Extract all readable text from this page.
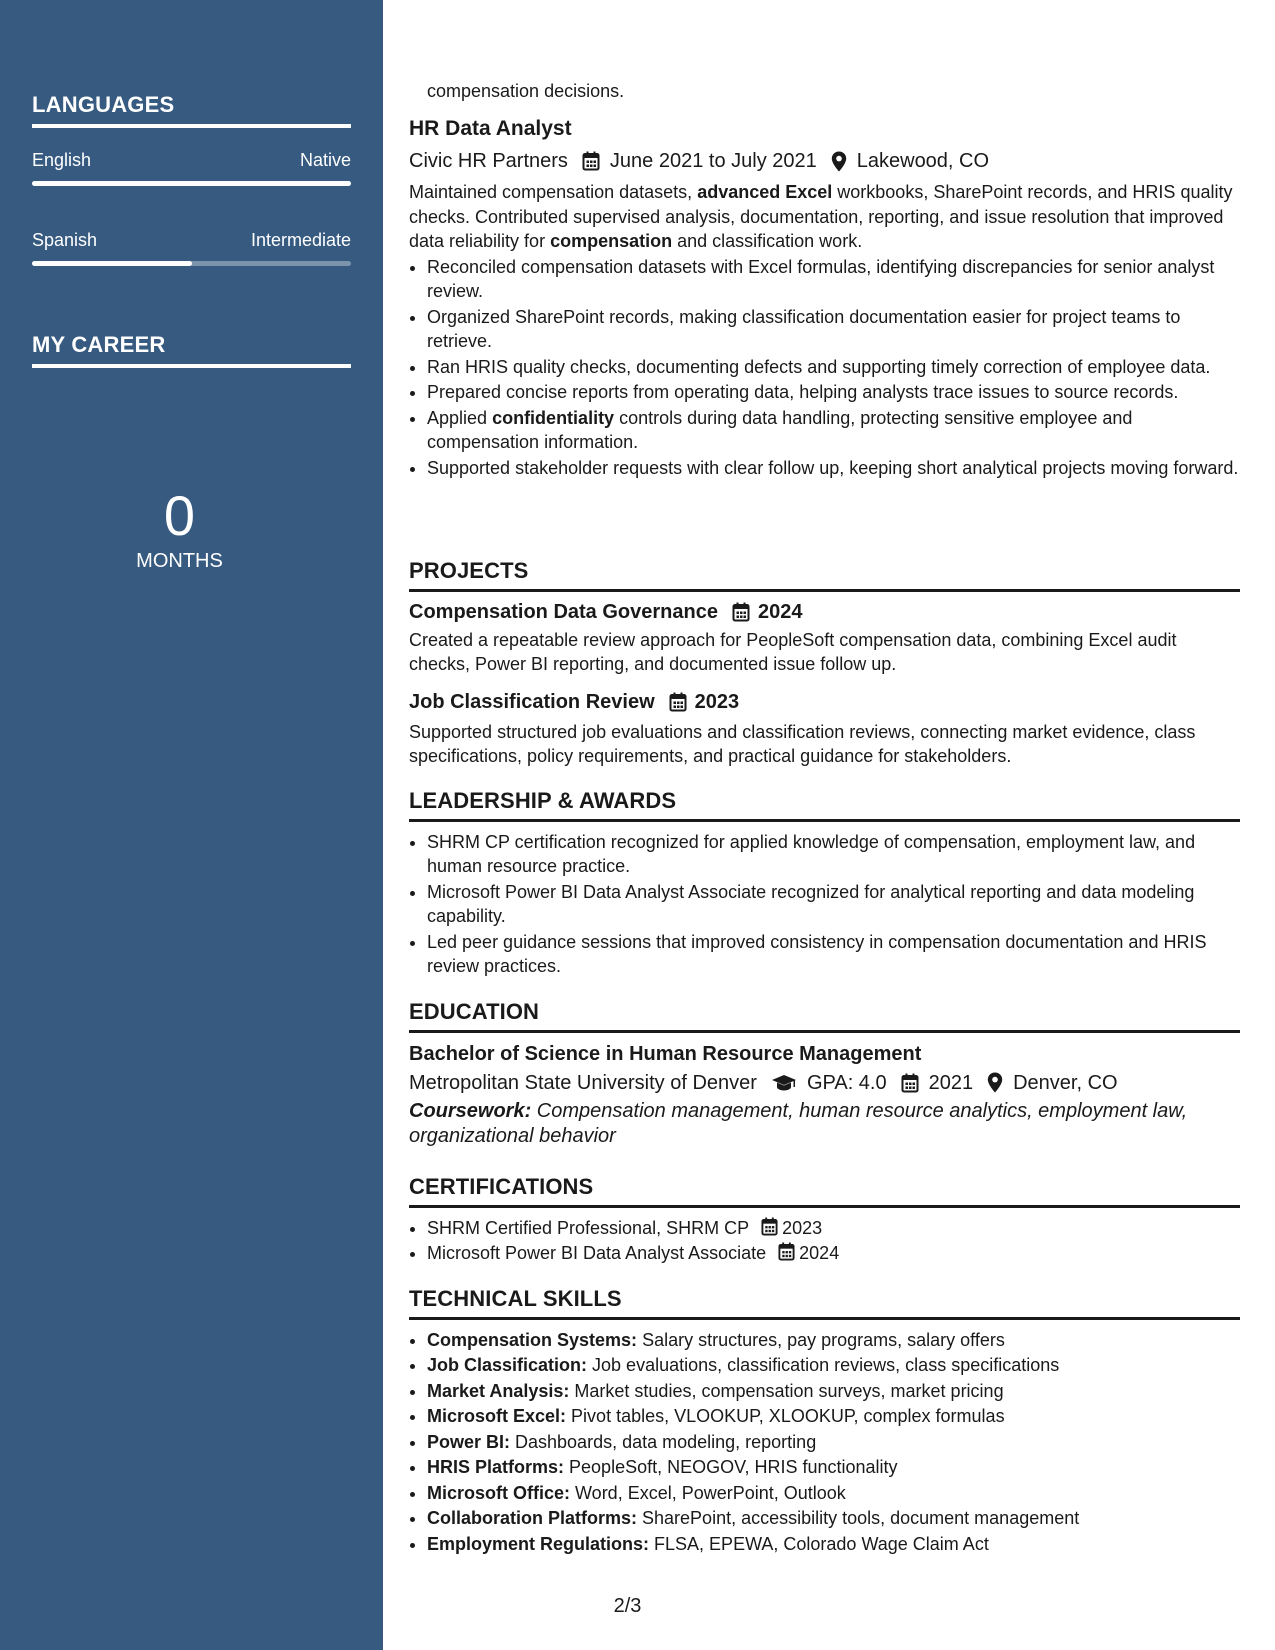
LANGUAGES
English	Native
Spanish	Intermediate
MY CAREER
0
MONTHS
compensation decisions.
HR Data Analyst
Civic HR Partners June 2021 to July 2021 Lakewood, CO
Maintained compensation datasets, advanced Excel workbooks, SharePoint records, and HRIS quality checks. Contributed supervised analysis, documentation, reporting, and issue resolution that improved data reliability for compensation and classification work.
• Reconciled compensation datasets with Excel formulas, identifying discrepancies for senior analyst review.
• Organized SharePoint records, making classification documentation easier for project teams to retrieve.
• Ran HRIS quality checks, documenting defects and supporting timely correction of employee data.
• Prepared concise reports from operating data, helping analysts trace issues to source records.
• Applied confidentiality controls during data handling, protecting sensitive employee and compensation information.
• Supported stakeholder requests with clear follow up, keeping short analytical projects moving forward.
PROJECTS
Compensation Data Governance 2024
Created a repeatable review approach for PeopleSoft compensation data, combining Excel audit checks, Power BI reporting, and documented issue follow up.
Job Classification Review 2023
Supported structured job evaluations and classification reviews, connecting market evidence, class specifications, policy requirements, and practical guidance for stakeholders.
LEADERSHIP & AWARDS
• SHRM CP certification recognized for applied knowledge of compensation, employment law, and human resource practice.
• Microsoft Power BI Data Analyst Associate recognized for analytical reporting and data modeling capability.
• Led peer guidance sessions that improved consistency in compensation documentation and HRIS review practices.
EDUCATION
Bachelor of Science in Human Resource Management
Metropolitan State University of Denver	GPA: 4.0 2021 Denver, CO
Coursework: Compensation management, human resource analytics, employment law, organizational behavior
CERTIFICATIONS
• SHRM Certified Professional, SHRM CP 2023
• Microsoft Power BI Data Analyst Associate 2024
TECHNICAL SKILLS
• Compensation Systems: Salary structures, pay programs, salary offers
• Job Classification: Job evaluations, classification reviews, class specifications
• Market Analysis: Market studies, compensation surveys, market pricing
• Microsoft Excel: Pivot tables, VLOOKUP, XLOOKUP, complex formulas
• Power BI: Dashboards, data modeling, reporting
• HRIS Platforms: PeopleSoft, NEOGOV, HRIS functionality
• Microsoft Office: Word, Excel, PowerPoint, Outlook
• Collaboration Platforms: SharePoint, accessibility tools, document management
• Employment Regulations: FLSA, EPEWA, Colorado Wage Claim Act
2/3
